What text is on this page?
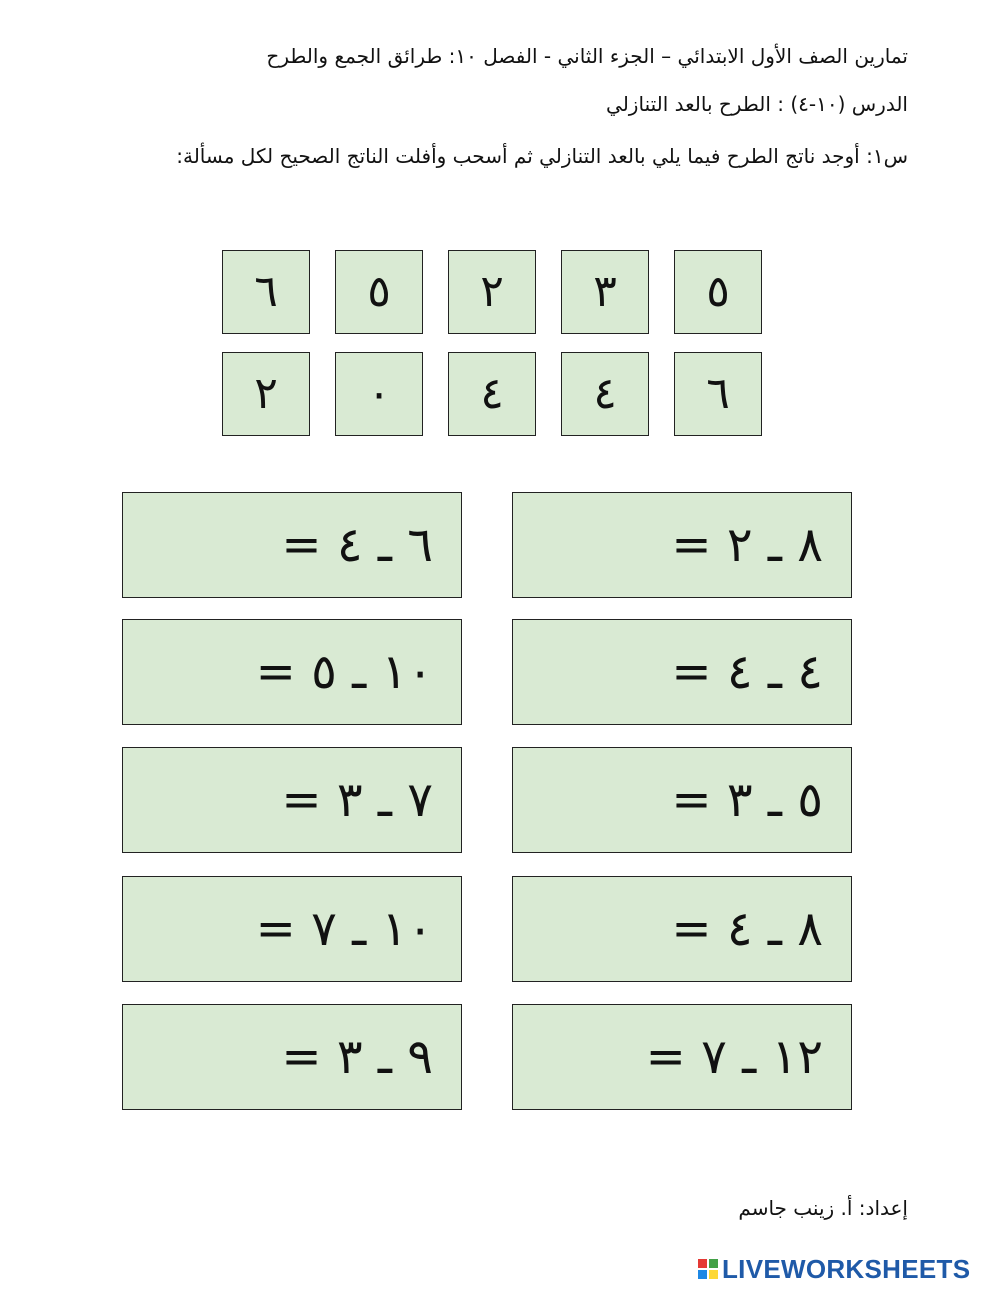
تمارين الصف الأول الابتدائي – الجزء الثاني - الفصل ١٠: طرائق الجمع والطرح
الدرس (١٠-٤) : الطرح بالعد التنازلي
س١: أوجد ناتج الطرح فيما يلي بالعد التنازلي ثم أسحب وأفلت الناتج الصحيح لكل مسألة:
٥
٣
٢
٥
٦
٦
٤
٤
٠
٢
٨ ـ ٢ =
٦ ـ ٤ =
٤ ـ ٤ =
١٠ ـ ٥ =
٥ ـ ٣ =
٧ ـ ٣ =
٨ ـ ٤ =
١٠ ـ ٧ =
١٢ ـ ٧ =
٩ ـ ٣ =
إعداد: أ. زينب جاسم
LIVEWORKSHEETS
